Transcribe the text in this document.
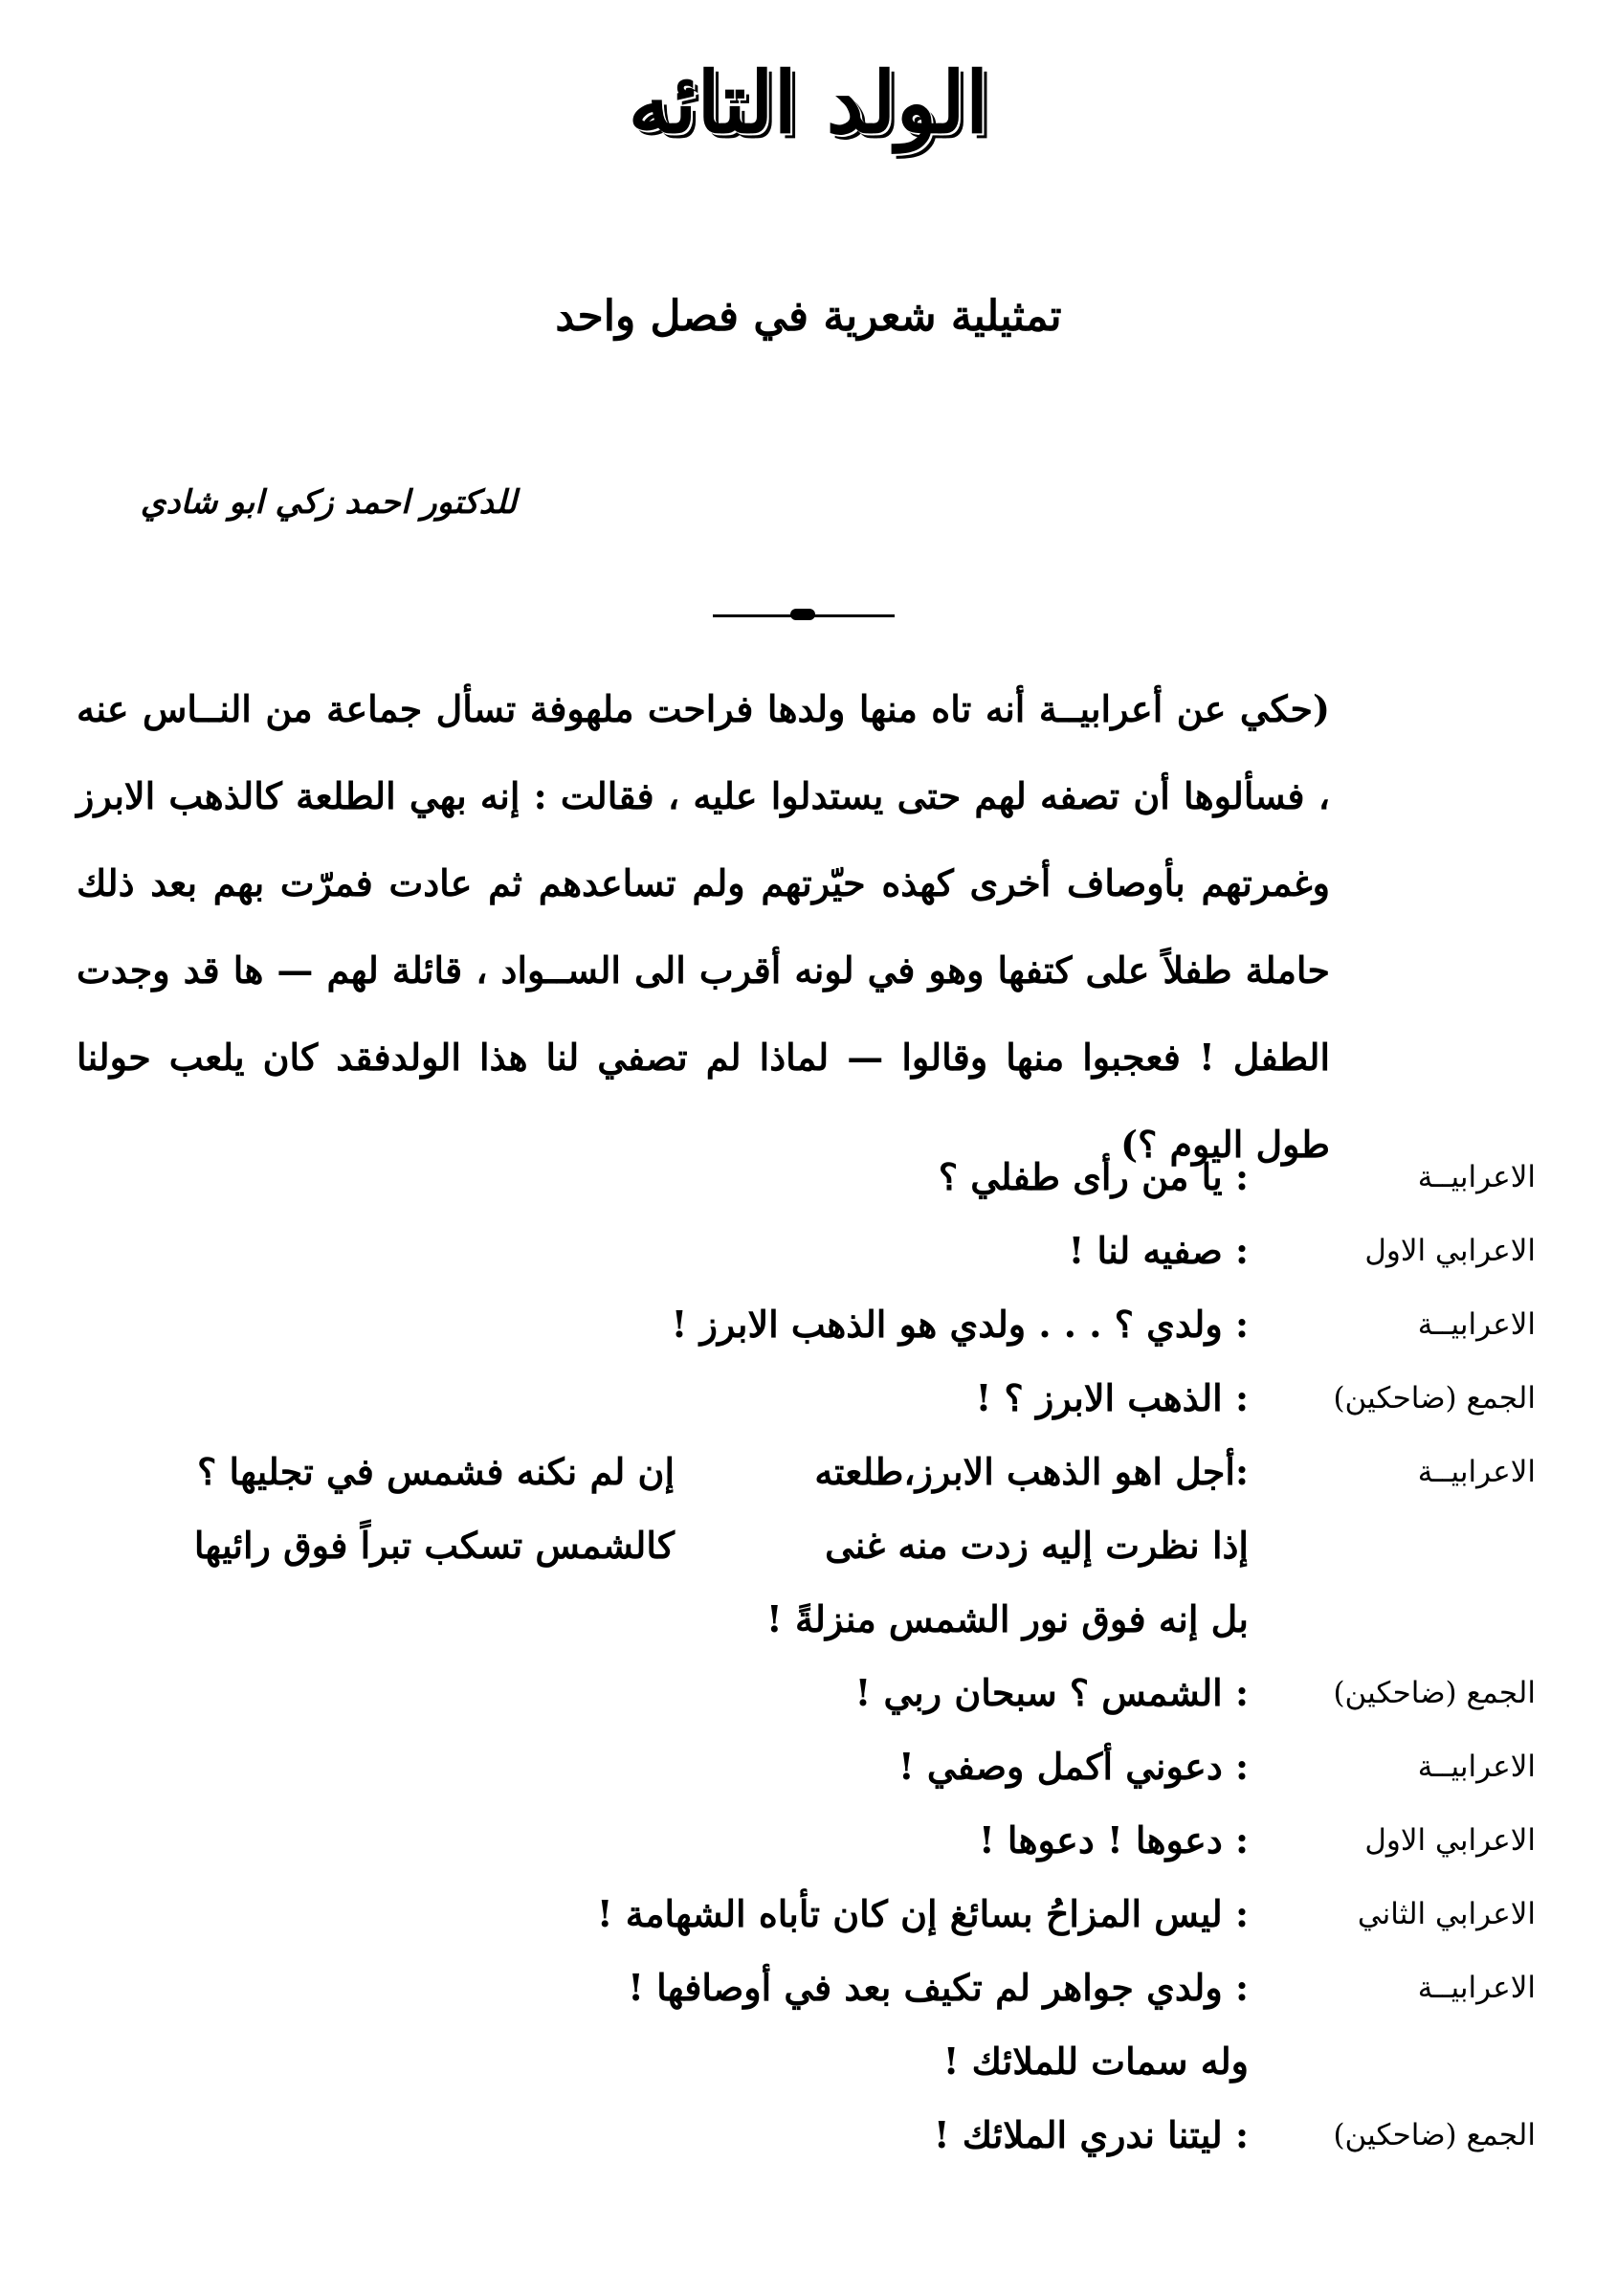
الولد التائه
تمثيلية شعرية في فصل واحد
للدكتور احمد زكي ابو شادي
(حكي عن أعرابيــة أنه تاه منها ولدها فراحت ملهوفة تسأل جماعة من النــاس عنه ، فسألوها أن تصفه لهم حتى يستدلوا عليه ، فقالت : إنه بهي الطلعة كالذهب الابرز وغمرتهم بأوصاف أخرى كهذه حيّرتهم ولم تساعدهم ثم عادت فمرّت بهم بعد ذلك حاملة طفلاً على كتفها وهو في لونه أقرب الى الســواد ، قائلة لهم — ها قد وجدت الطفل ! فعجبوا منها وقالوا — لماذا لم تصفي لنا هذا الولدفقد كان يلعب حولنا طول اليوم ؟)
الاعرابيــة
: يا من رأى طفلي ؟
الاعرابي الاول
: صفيه لنا !
الاعرابيــة
: ولدي ؟ . . . ولدي هو الذهب الابرز !
الجمع (ضاحكين)
: الذهب الابرز ؟ !
الاعرابيــة
:أجل اهو الذهب الابرز،طلعته
إن لم نكنه فشمس في تجليها ؟
إذا نظرت إليه زدت منه غنى
كالشمس تسكب تبراً فوق رائيها
بل إنه فوق نور الشمس منزلةً !
الجمع (ضاحكين)
: الشمس ؟ سبحان ربي !
الاعرابيــة
: دعوني أكمل وصفي !
الاعرابي الاول
: دعوها ! دعوها !
الاعرابي الثاني
: ليس المزاحُ بسائغ إن كان تأباه الشهامة !
الاعرابيــة
: ولدي جواهر لم تكيف بعد في أوصافها !
وله سمات للملائك !
الجمع (ضاحكين)
: ليتنا ندري الملائك !
